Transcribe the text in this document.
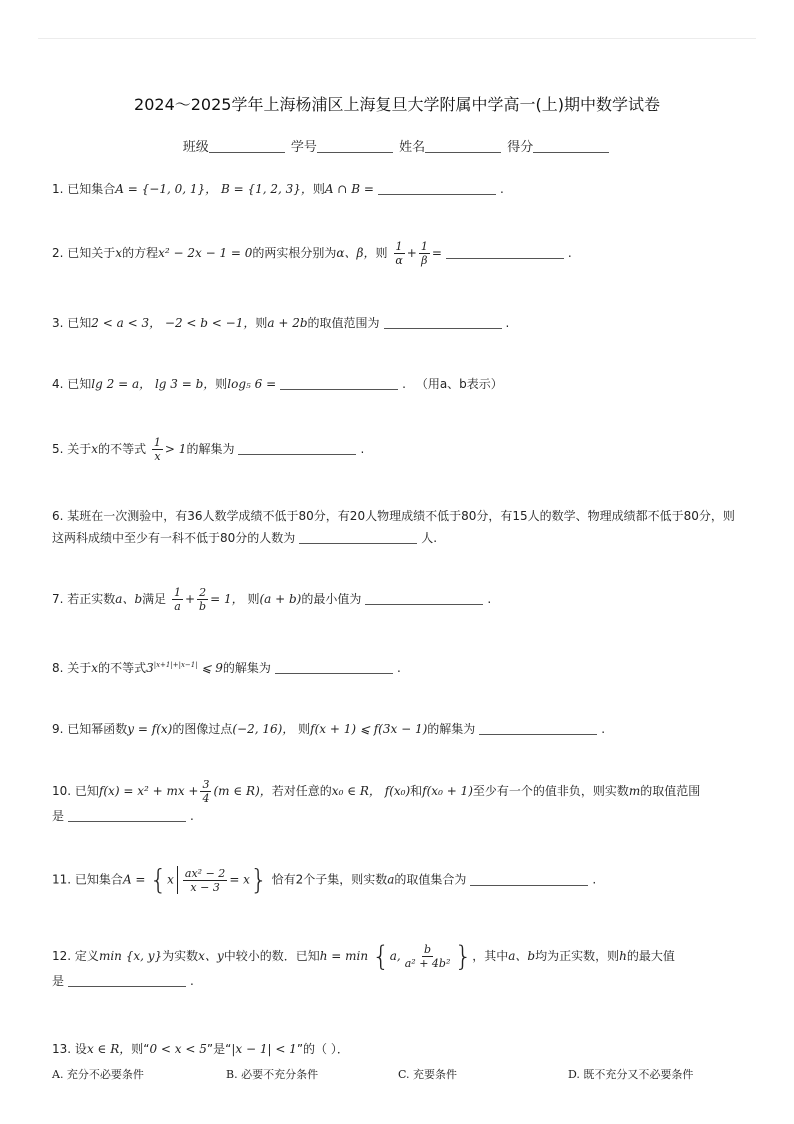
2024～2025学年上海杨浦区上海复旦大学附属中学高一(上)期中数学试卷
班级	学号	姓名	得分
1. 已知集合A = {−1, 0, 1}， B = {1, 2, 3}，则A ∩ B =	.
2. 已知关于x的方程x² − 2x − 1 = 0的两实根分别为α、β，则 $\frac{1}{\alpha} + \frac{1}{\beta}$ =	.
3. 已知2 < a < 3， −2 < b < −1，则a + 2b的取值范围为	.
4. 已知lg 2 = a， lg 3 = b，则log₅ 6 =	. （用a、b表示）
5. 关于x的不等式 $\frac{1}{x} > 1$的解集为	.
6. 某班在一次测验中，有36人数学成绩不低于80分，有20人物理成绩不低于80分，有15人的数学、物理成绩都不低于80分，则
这两科成绩中至少有一科不低于80分的人数为	人.
7. 若正实数a、b满足 $\frac{1}{a} + \frac{2}{b} = 1$， 则(a + b)的最小值为	.
8. 关于x的不等式$3^{|x+1|+|x-1|}$ ⩽ 9的解集为	.
9. 已知幂函数y = f(x)的图像过点(−2, 16)， 则f(x + 1) ⩽ f(3x − 1)的解集为	.
10. 已知f(x) = x² + mx + $\frac{3}{4} (m$ ∈ R)，若对任意的x₀ ∈ R， f(x₀)和f(x₀ + 1)至少有一个的值非负，则实数m的取值范围
是	.
11. 已知集合$A = \{x \frac{\text{ax² − 2}}{x - 3} = x\}$ 恰有2个子集，则实数a的取值集合为	.
12. 定义min {x, y}为实数x、y中较小的数．已知h = min {a, $\frac{b}{\text{a² + 4b²}}$ }，其中a、b均为正实数，则h的最大值
是	.
13. 设x ∈ R，则“0 < x < 5”是“|x − 1| < 1”的（ ）．
A. 充分不必要条件	B. 必要不充分条件	C. 充要条件	D. 既不充分又不必要条件
